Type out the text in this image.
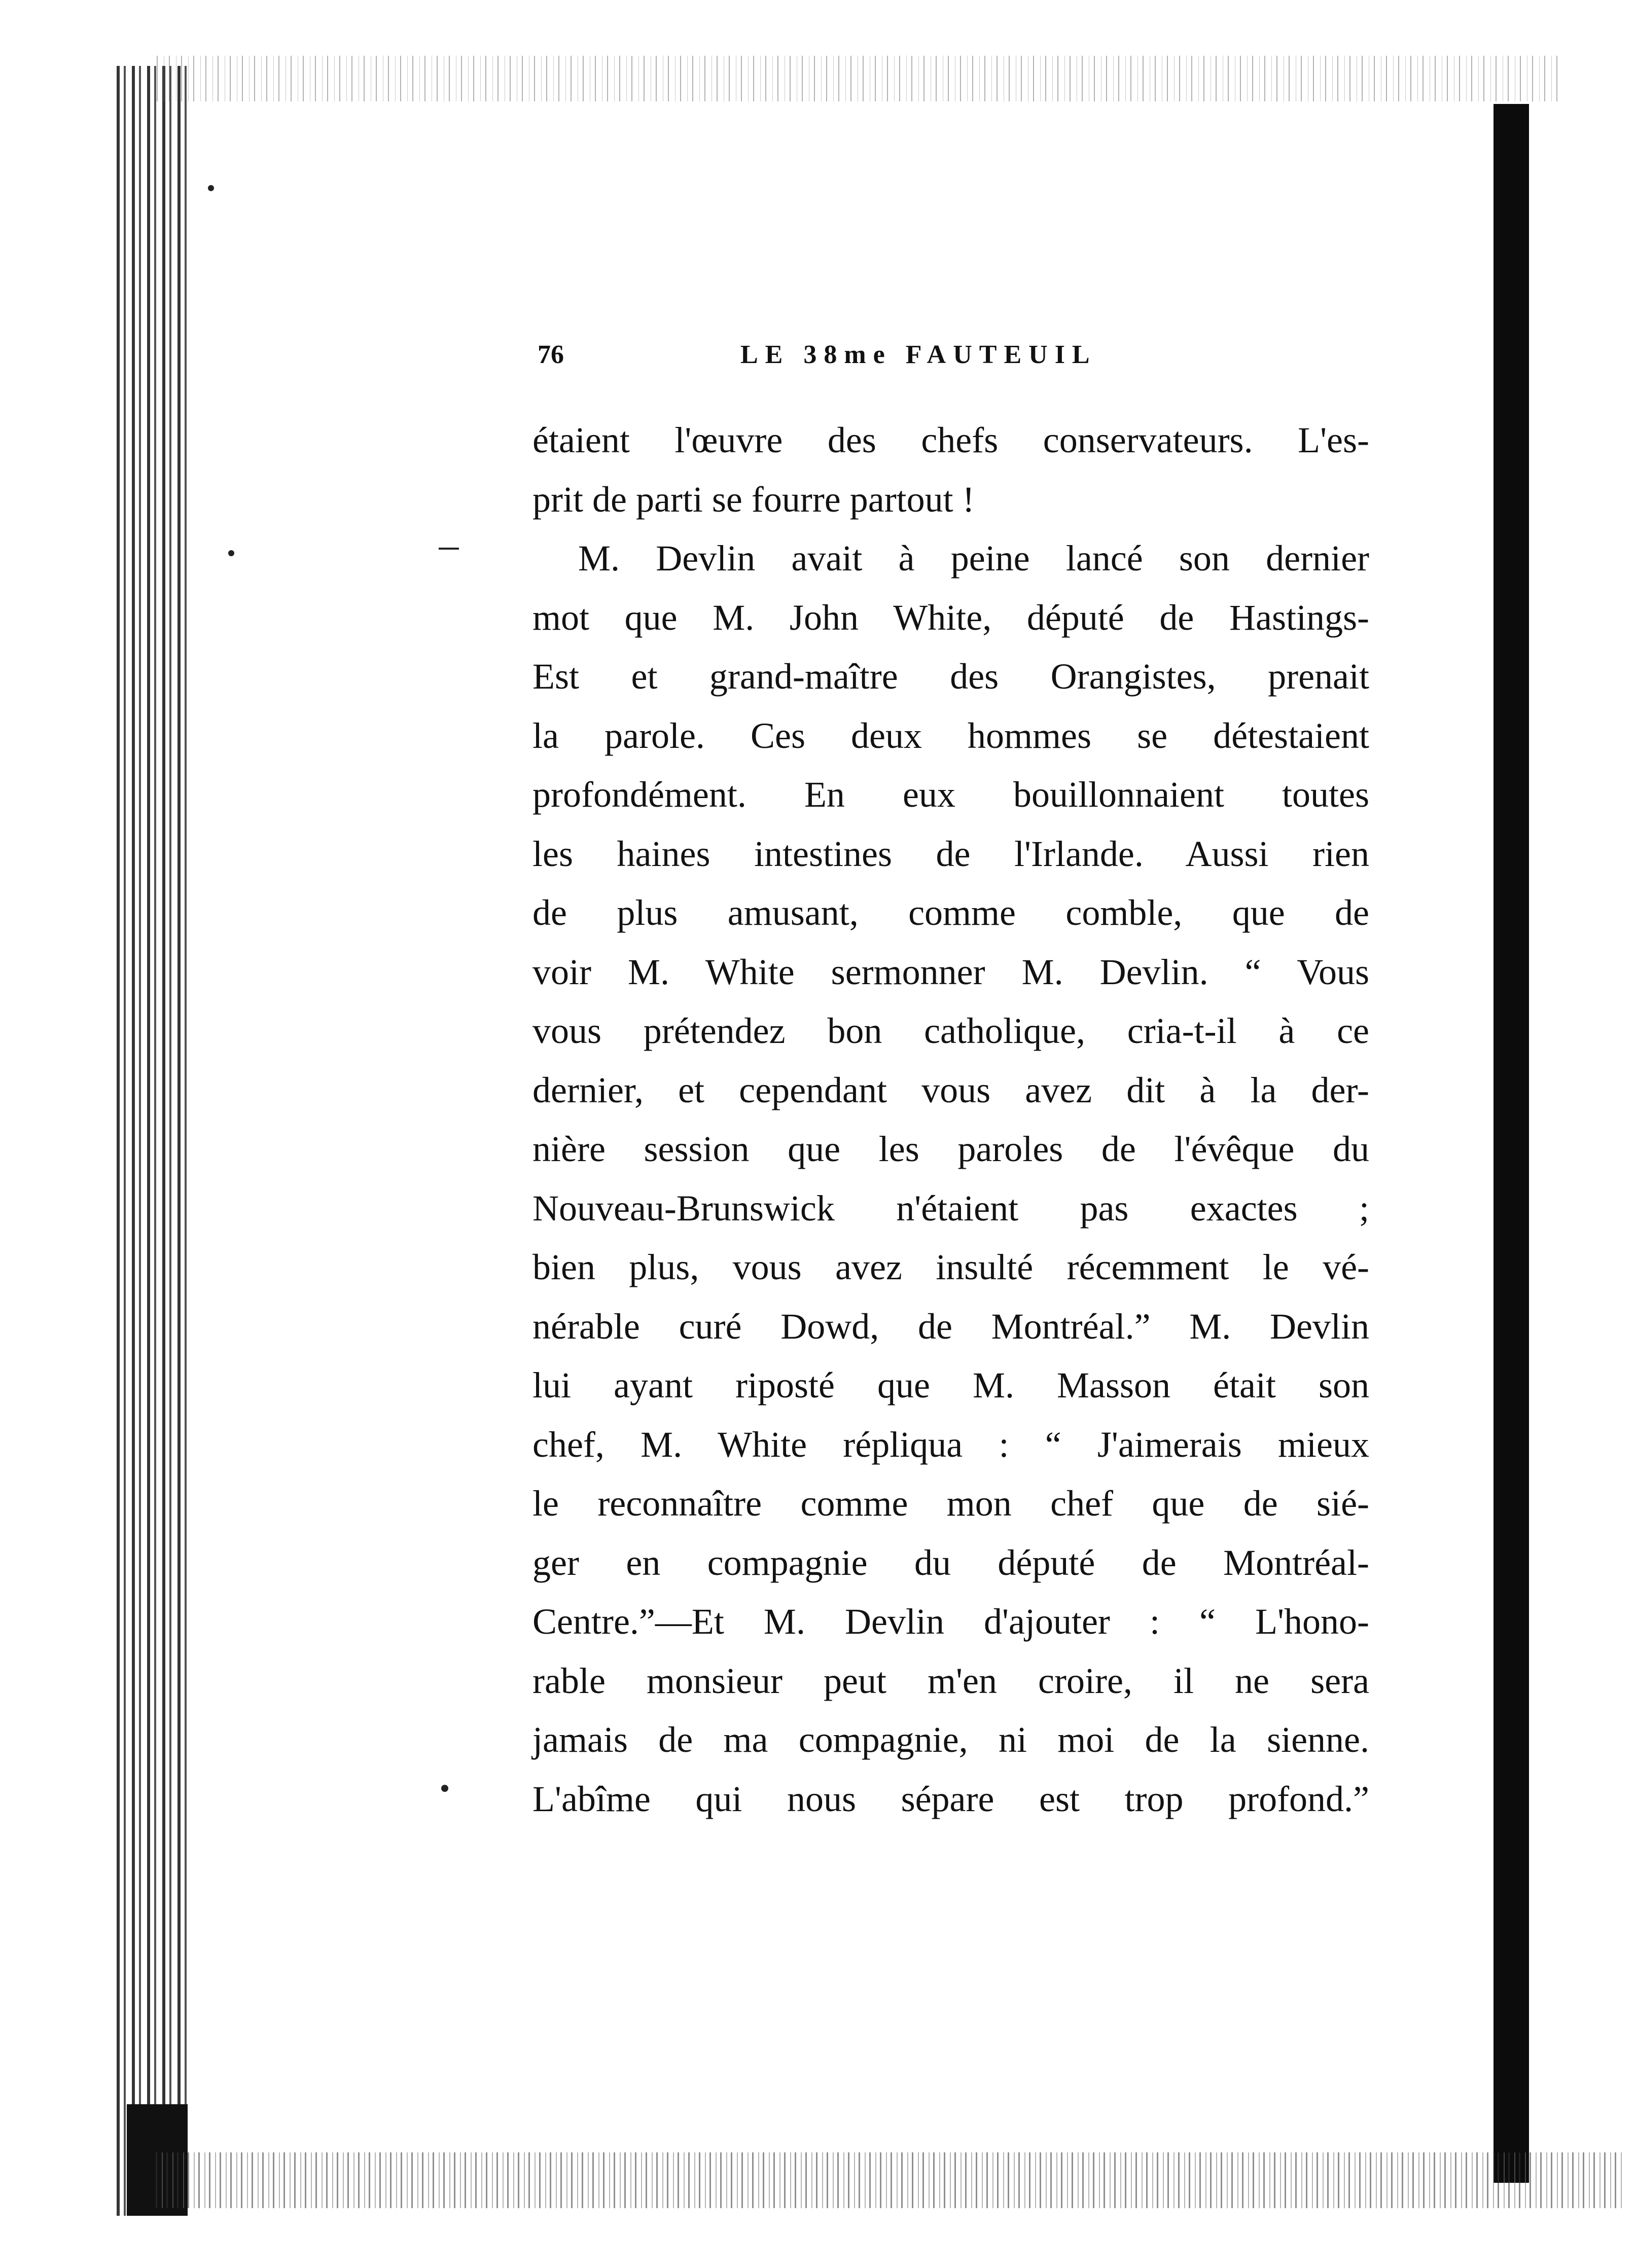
76	LE 38me FAUTEUIL
étaient l'œuvre des chefs conservateurs. L'es-
prit de parti se fourre partout !
M. Devlin avait à peine lancé son dernier
mot que M. John White, député de Hastings-
Est et grand-maître des Orangistes, prenait
la parole. Ces deux hommes se détestaient
profondément. En eux bouillonnaient toutes
les haines intestines de l'Irlande. Aussi rien
de plus amusant, comme comble, que de
voir M. White sermonner M. Devlin. “ Vous
vous prétendez bon catholique, cria-t-il à ce
dernier, et cependant vous avez dit à la der-
nière session que les paroles de l'évêque du
Nouveau-Brunswick n'étaient pas exactes ;
bien plus, vous avez insulté récemment le vé-
nérable curé Dowd, de Montréal.” M. Devlin
lui ayant riposté que M. Masson était son
chef, M. White répliqua : “ J'aimerais mieux
le reconnaître comme mon chef que de sié-
ger en compagnie du député de Montréal-
Centre.”—Et M. Devlin d'ajouter : “ L'hono-
rable monsieur peut m'en croire, il ne sera
jamais de ma compagnie, ni moi de la sienne.
L'abîme qui nous sépare est trop profond.”
